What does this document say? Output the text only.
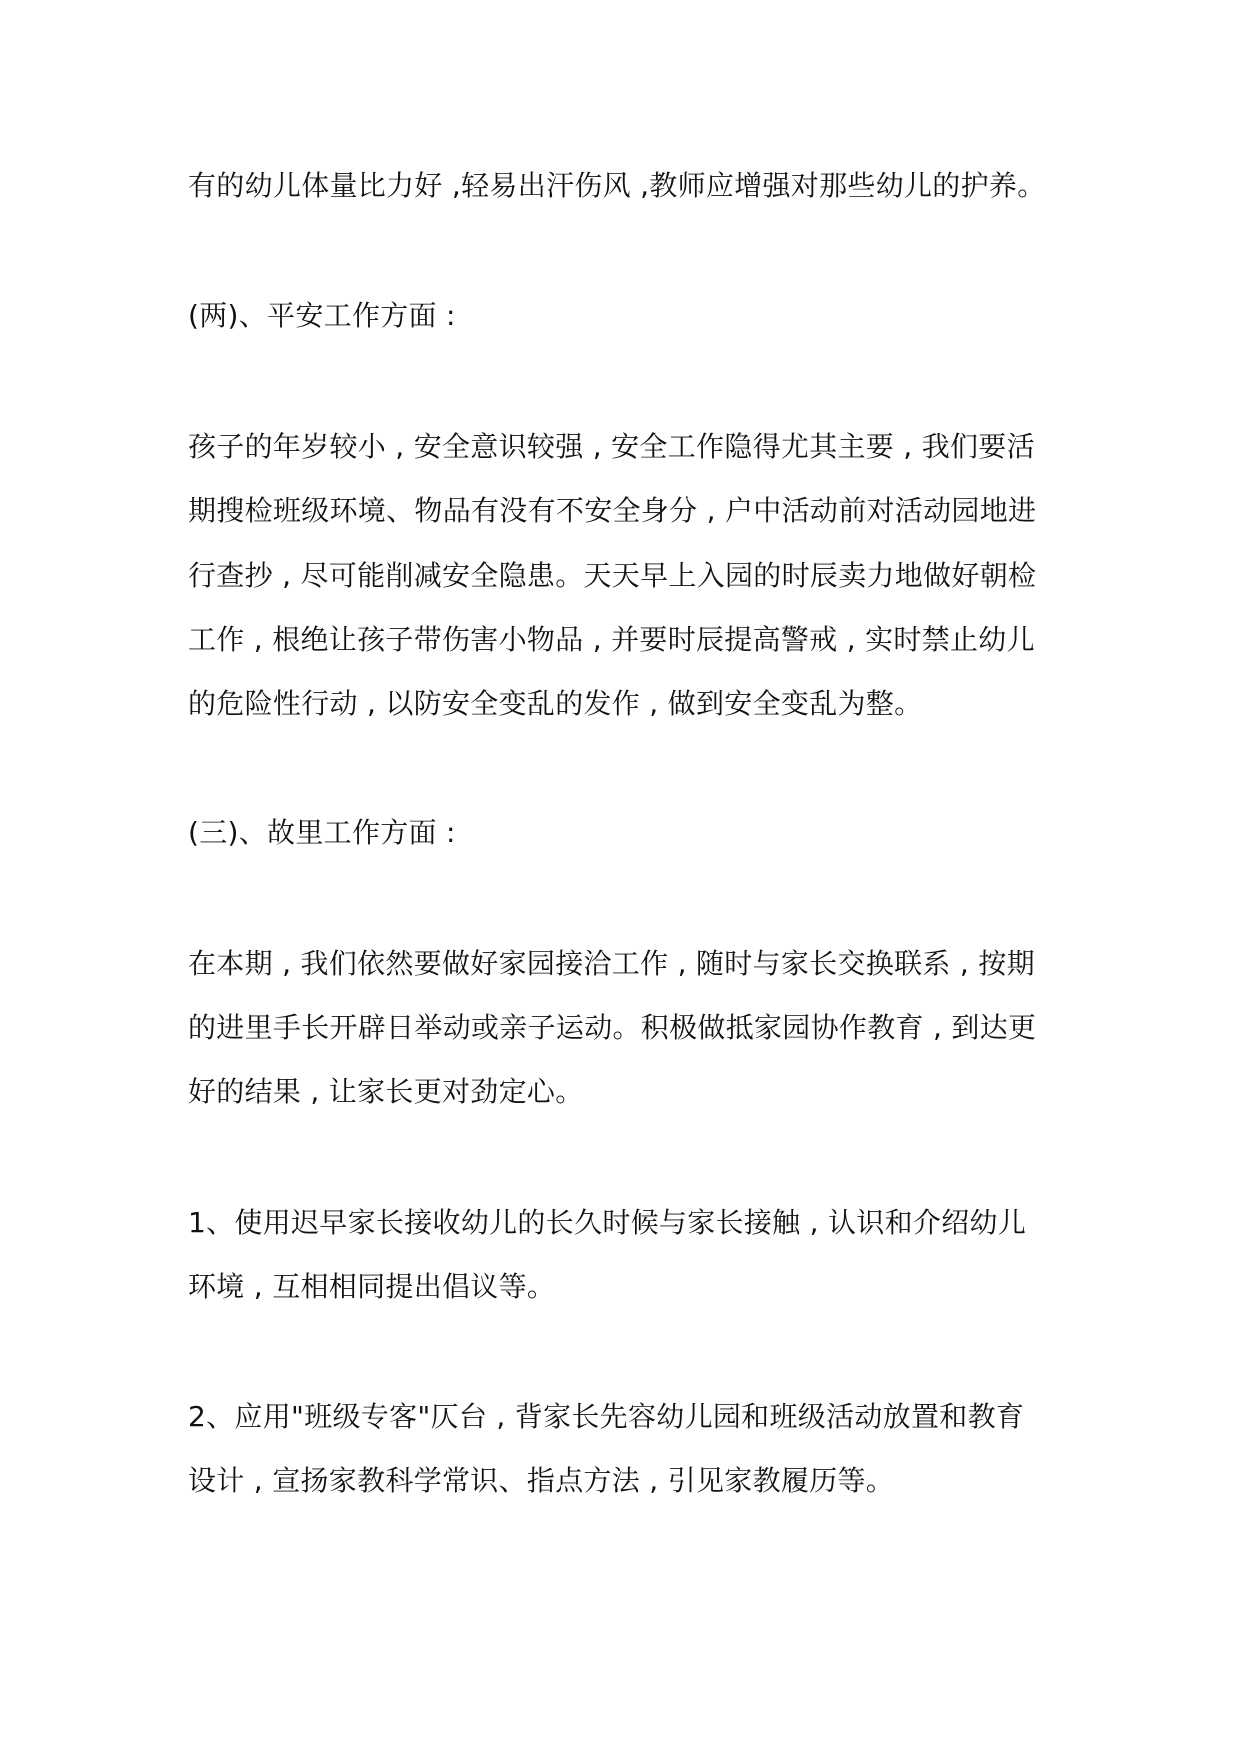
有的幼儿体量比力好 ,轻易出汗伤风 ,教师应增强对那些幼儿的护养。
(两)、平安工作方面 :
孩子的年岁较小 , 安全意识较强 , 安全工作隐得尤其主要 , 我们要活
期搜检班级环境、物品有没有不安全身分 , 户中活动前对活动园地进
行查抄 , 尽可能削减安全隐患。天天早上入园的时辰卖力地做好朝检
工作 , 根绝让孩子带伤害小物品 , 并要时辰提高警戒 , 实时禁止幼儿
的危险性行动 , 以防安全变乱的发作 , 做到安全变乱为整。
(三)、故里工作方面 :
在本期 , 我们依然要做好家园接洽工作 , 随时与家长交换联系 , 按期
的进里手长开辟日举动或亲子运动。积极做抵家园协作教育 , 到达更
好的结果 , 让家长更对劲定心。
1、使用迟早家长接收幼儿的长久时候与家长接触 , 认识和介绍幼儿
环境 , 互相相同提出倡议等。
2、应用"班级专客"仄台 , 背家长先容幼儿园和班级活动放置和教育
设计 , 宣扬家教科学常识、指点方法 , 引见家教履历等。
